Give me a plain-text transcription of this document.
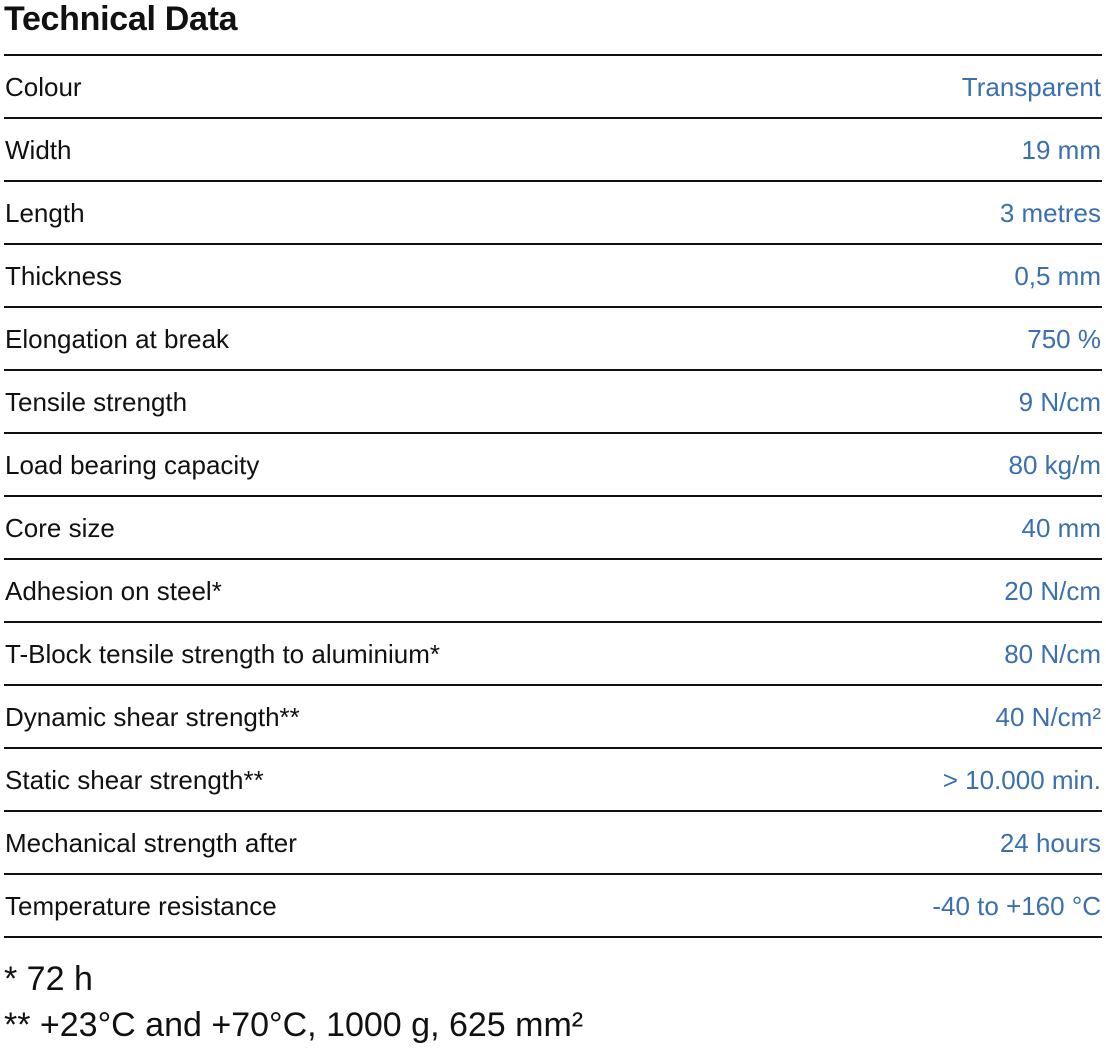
Technical Data
Colour	Transparent
Width	19 mm
Length	3 metres
Thickness	0,5 mm
Elongation at break	750 %
Tensile strength	9 N/cm
Load bearing capacity	80 kg/m
Core size	40 mm
Adhesion on steel*	20 N/cm
T-Block tensile strength to aluminium*	80 N/cm
Dynamic shear strength**	40 N/cm²
Static shear strength**	> 10.000 min.
Mechanical strength after	24 hours
Temperature resistance	-40 to +160 °C
* 72 h
** +23°C and +70°C, 1000 g, 625 mm²
